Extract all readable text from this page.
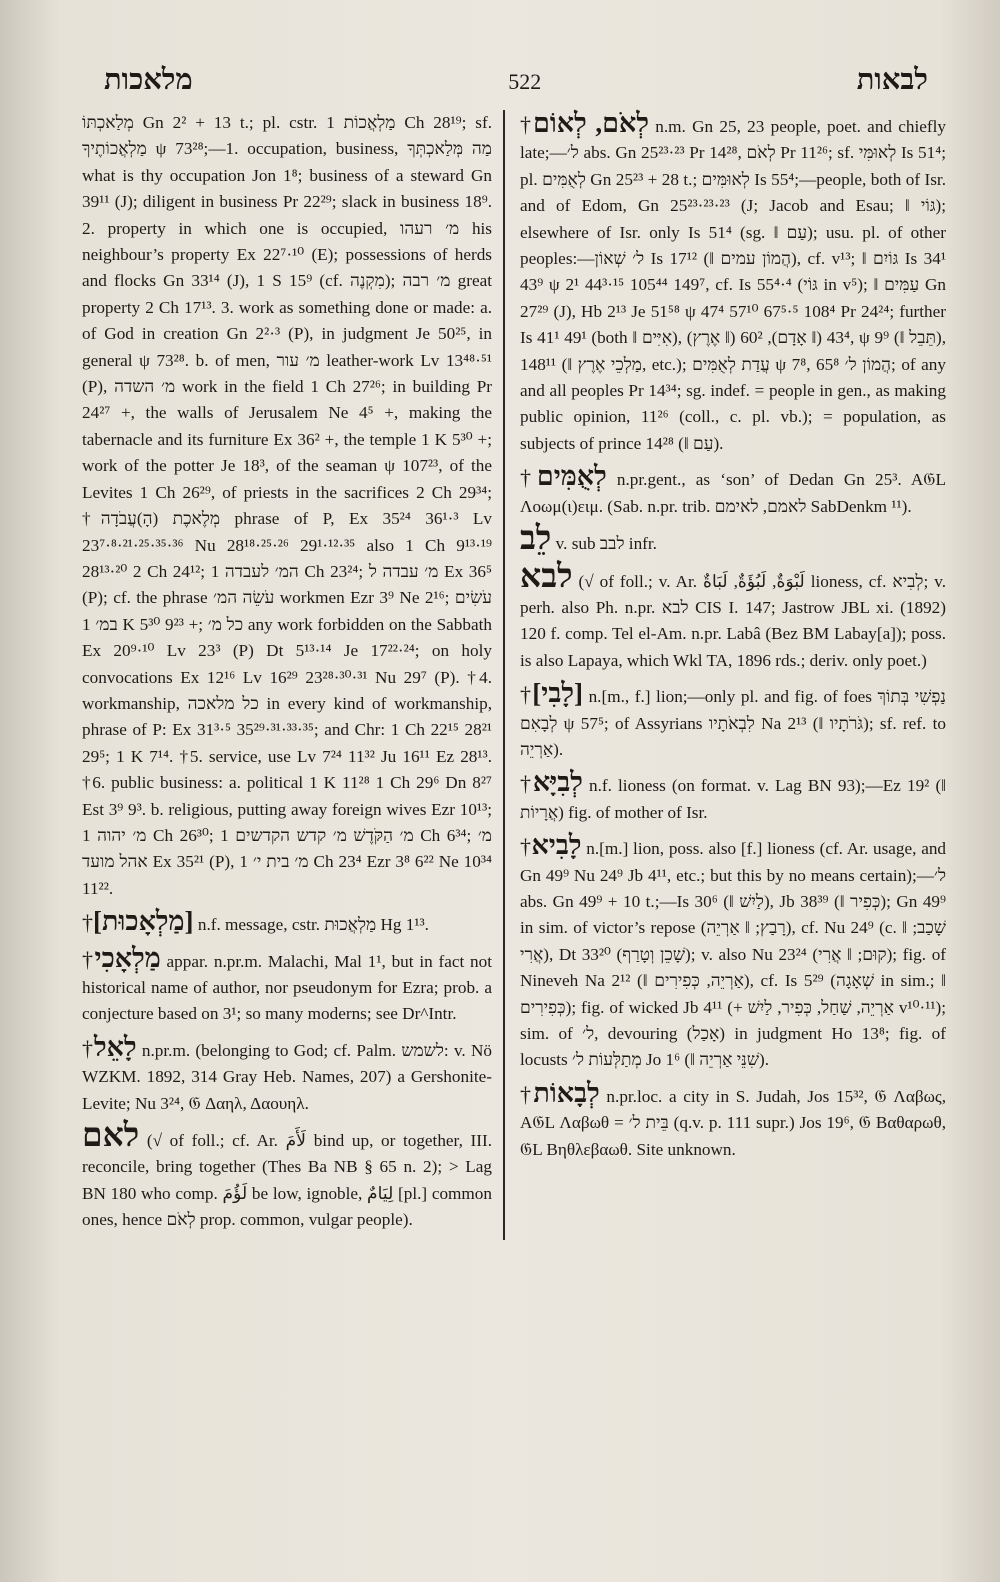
מלאכות	522	לבאות

מְלַאכְתּוֹ Gn 2² + 13 t.; pl. cstr. מַלְאֲכוֹת 1 Ch 28¹⁹; sf. מַלְאֲכוֹתֶיךָ ψ 73²⁸;—1. occupation, business, מַה מְּלַאכְתְּךָ what is thy occupation Jon 1⁸; business of a steward Gn 39¹¹ (J); diligent in business Pr 22²⁹; slack in business 18⁹. 2. property in which one is occupied, מ׳ רעהו his neighbour’s property Ex 22⁷·¹⁰ (E); possessions of herds and flocks Gn 33¹⁴ (J), 1 S 15⁹ (cf. מִקְנֶה); מ׳ רבה great property 2 Ch 17¹³. 3. work as something done or made: a. of God in creation Gn 2²·³ (P), in judgment Je 50²⁵, in general ψ 73²⁸. b. of men, מ׳ עור leather-work Lv 13⁴⁸·⁵¹ (P), מ׳ השדה work in the field 1 Ch 27²⁶; in building Pr 24²⁷ +, the walls of Jerusalem Ne 4⁵ +, making the tabernacle and its furniture Ex 36² +, the temple 1 K 5³⁰ +; work of the potter Je 18³, of the seaman ψ 107²³, of the Levites 1 Ch 26²⁹, of priests in the sacrifices 2 Ch 29³⁴; †מְלֶאכֶת (הָ)עֲבֹדָה phrase of P, Ex 35²⁴ 36¹·³ Lv 23⁷·⁸·²¹·²⁵·³⁵·³⁶ Nu 28¹⁸·²⁵·²⁶ 29¹·¹²·³⁵ also 1 Ch 9¹³·¹⁹ 28¹³·²⁰ 2 Ch 24¹²; המ׳ לעבדה 1 Ch 23²⁴; מ׳ עבדה ל Ex 36⁵ (P); cf. the phrase עֹשֵׂה המ׳ workmen Ezr 3⁹ Ne 2¹⁶; עֹשִׂים במ׳ 1 K 5³⁰ 9²³ +; כל מ׳ any work forbidden on the Sabbath Ex 20⁹·¹⁰ Lv 23³ (P) Dt 5¹³·¹⁴ Je 17²²·²⁴; on holy convocations Ex 12¹⁶ Lv 16²⁹ 23²⁸·³⁰·³¹ Nu 29⁷ (P). †4. workmanship, כל מלאכה in every kind of workmanship, phrase of P: Ex 31³·⁵ 35²⁹·³¹·³³·³⁵; and Chr: 1 Ch 22¹⁵ 28²¹ 29⁵; 1 K 7¹⁴. †5. service, use Lv 7²⁴ 11³² Ju 16¹¹ Ez 28¹³. †6. public business: a. political 1 K 11²⁸ 1 Ch 29⁶ Dn 8²⁷ Est 3⁹ 9³. b. religious, putting away foreign wives Ezr 10¹³; מ׳ יהוה 1 Ch 26³⁰; מ׳ הַקֹּדֶשׁ מ׳ קדש הקדשים 1 Ch 6³⁴; מ׳ אהל מועד Ex 35²¹ (P), מ׳ בית י׳ 1 Ch 23⁴ Ezr 3⁸ 6²² Ne 10³⁴ 11²².

†[מַלְאָכוּת] n.f. message, cstr. מַלְאֲכוּת Hg 1¹³.

†מַלְאָכִי appar. n.pr.m. Malachi, Mal 1¹, but in fact not historical name of author, nor pseudonym for Ezra; prob. a conjecture based on 3¹; so many moderns; see Dr^Intr.

†לָאֵל n.pr.m. (belonging to God; cf. Palm. לשמש: v. Nö WZKM. 1892, 314 Gray Heb. Names, 207) a Gershonite-Levite; Nu 3²⁴, 𝔊 Δαηλ, Δαουηλ.

לאם (√ of foll.; cf. Ar. لَأَمَ bind up, or together, III. reconcile, bring together (Thes Ba NB § 65 n. 2); > Lag BN 180 who comp. لَؤُمَ be low, ignoble, لِيَامٌ [pl.] common ones, hence לְאֹם prop. common, vulgar people).

†לְאֹם, לְאוֹם n.m. Gn 25, 23 people, poet. and chiefly late;—ל׳ abs. Gn 25²³·²³ Pr 14²⁸, לְאֹם Pr 11²⁶; sf. לְאוּמִּי Is 51⁴; pl. לְאֻמִּים Gn 25²³ + 28 t.; לְאוּמִּים Is 55⁴;—people, both of Isr. and of Edom, Gn 25²³·²³·²³ (J; Jacob and Esau; ‖ גּוֹי); elsewhere of Isr. only Is 51⁴ (sg. ‖ עַם); usu. pl. of other peoples:—ל׳ שְׁאוֹן Is 17¹² (‖ הֲמוֹן עמים), cf. v¹³; ‖ גּוֹיִם Is 34¹ 43⁹ ψ 2¹ 44³·¹⁵ 105⁴⁴ 149⁷, cf. Is 55⁴·⁴ (גּוֹי in v⁵); ‖ עַמִּים Gn 27²⁹ (J), Hb 2¹³ Je 51⁵⁸ ψ 47⁴ 57¹⁰ 67⁵·⁵ 108⁴ Pr 24²⁴; further Is 41¹ 49¹ (both ‖ אִיִּים), 43⁴ (‖ אָדָם), 60² (‖ אֶרֶץ), ψ 9⁹ (‖ תֵּבֵל), 148¹¹ (‖ מַלְכֵי אֶרֶץ, etc.); עֲדַת לְאֻמִּים ψ 7⁸, הֲמוֹן ל׳ 65⁸; of any and all peoples Pr 14³⁴; sg. indef. = people in gen., as making public opinion, 11²⁶ (coll., c. pl. vb.); = population, as subjects of prince 14²⁸ (‖ עַם).

†לְאֻמִּים n.pr.gent., as ‘son’ of Dedan Gn 25³. A𝔊L Λοωμ(ι)ειμ. (Sab. n.pr. trib. לאמם, לאימם SabDenkm ¹¹).

לֵב v. sub לבב infr.

לבא (√ of foll.; v. Ar. لَبْوَةٌ, لَبُؤَةٌ, لَبَاةٌ lioness, cf. לְבִיא; v. perh. also Ph. n.pr. לבא CIS I. 147; Jastrow JBL xi. (1892) 120 f. comp. Tel el-Am. n.pr. Labâ (Bez BM Labay[a]); poss. is also Lapaya, which Wkl TA, 1896 rds.; deriv. only poet.)

†[לָבִי] n.[m., f.] lion;—only pl. and fig. of foes נַפְשִׁי בְּתוֹךְ לְבָאִם ψ 57⁵; of Assyrians לִבְאֹתָיו Na 2¹³ (‖ גֹּרֹתָיו); sf. ref. to אַרְיֵה).

†לְבִיָּא n.f. lioness (on format. v. Lag BN 93);—Ez 19² (‖ אֲרָיוֹת) fig. of mother of Isr.

†לָבִיא n.[m.] lion, poss. also [f.] lioness (cf. Ar. usage, and Gn 49⁹ Nu 24⁹ Jb 4¹¹, etc.; but this by no means certain);—ל׳ abs. Gn 49⁹ + 10 t.;—Is 30⁶ (‖ לַיִשׁ), Jb 38³⁹ (‖ כְּפִיר); Gn 49⁹ in sim. of victor’s repose (רָבַץ; ‖ אַרְיֵה), cf. Nu 24⁹ (c. שָׁכַב; ‖ אֲרִי), Dt 33²⁰ (שָׁכֵן וְטָרַף); v. also Nu 23²⁴ (קוּם; ‖ אֲרִי); fig. of Nineveh Na 2¹² (‖ אַרְיֵה, כְּפִירִים), cf. Is 5²⁹ (שְׁאָגָה in sim.; ‖ כְּפִירִים); fig. of wicked Jb 4¹¹ (+ אַרְיֵה, שַׁחַל, כְּפִיר, לַיִשׁ v¹⁰·¹¹); sim. of ל׳, devouring (אָכַל) in judgment Ho 13⁸; fig. of locusts מְתַלְּעוֹת ל׳ Jo 1⁶ (‖ שִׁנֵּי אַרְיֵה).

†לְבָאוֹת n.pr.loc. a city in S. Judah, Jos 15³², 𝔊 Λαβως, A𝔊L Λαβωθ = בֵּית ל׳ (q.v. p. 111 supr.) Jos 19⁶, 𝔊 Βαθαρωθ, 𝔊L Βηθλεβαωθ. Site unknown.
